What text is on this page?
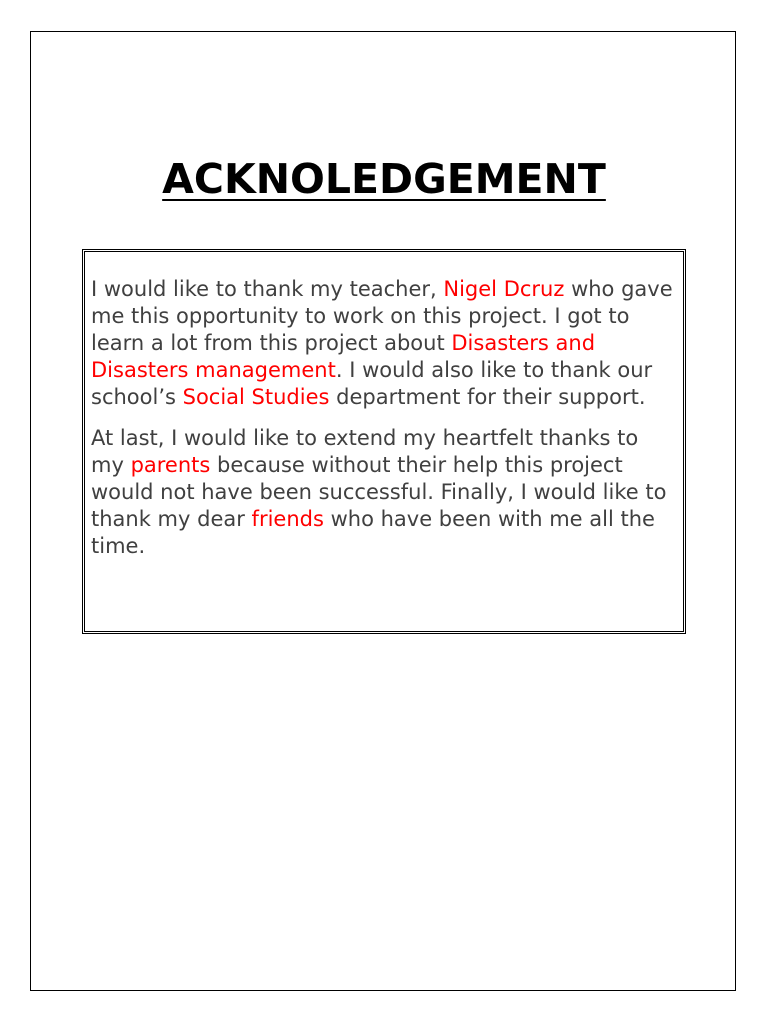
ACKNOLEDGEMENT

I would like to thank my teacher, Nigel Dcruz who gave me this opportunity to work on this project. I got to learn a lot from this project about Disasters and Disasters management. I would also like to thank our school’s Social Studies department for their support.

At last, I would like to extend my heartfelt thanks to my parents because without their help this project would not have been successful. Finally, I would like to thank my dear friends who have been with me all the time.
